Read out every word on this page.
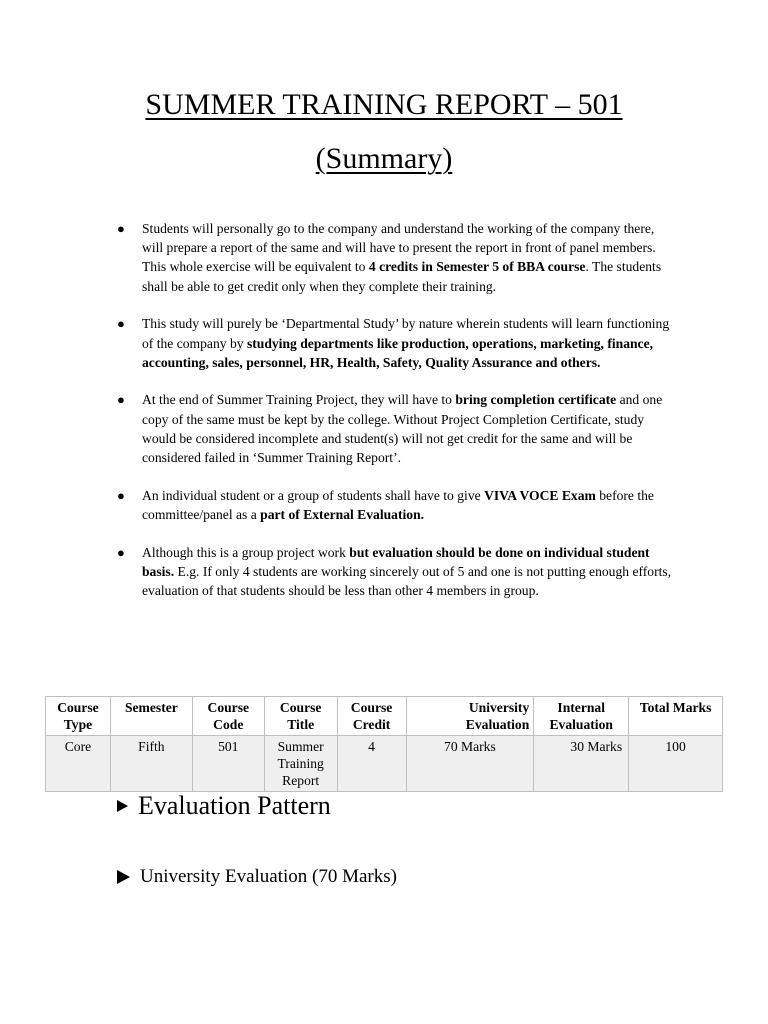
SUMMER TRAINING REPORT – 501
(Summary)
● Students will personally go to the company and understand the working of the company there, will prepare a report of the same and will have to present the report in front of panel members. This whole exercise will be equivalent to 4 credits in Semester 5 of BBA course. The students shall be able to get credit only when they complete their training.
● This study will purely be ‘Departmental Study’ by nature wherein students will learn functioning of the company by studying departments like production, operations, marketing, finance, accounting, sales, personnel, HR, Health, Safety, Quality Assurance and others.
● At the end of Summer Training Project, they will have to bring completion certificate and one copy of the same must be kept by the college. Without Project Completion Certificate, study would be considered incomplete and student(s) will not get credit for the same and will be considered failed in ‘Summer Training Report’.
● An individual student or a group of students shall have to give VIVA VOCE Exam before the committee/panel as a part of External Evaluation.
● Although this is a group project work but evaluation should be done on individual student basis. E.g. If only 4 students are working sincerely out of 5 and one is not putting enough efforts, evaluation of that students should be less than other 4 members in group.
Course Type	Semester	Course Code	Course Title	Course Credit	University Evaluation	Internal Evaluation	Total Marks
Core	Fifth	501	Summer Training Report	4	70 Marks	30 Marks	100
Evaluation Pattern
University Evaluation (70 Marks)
